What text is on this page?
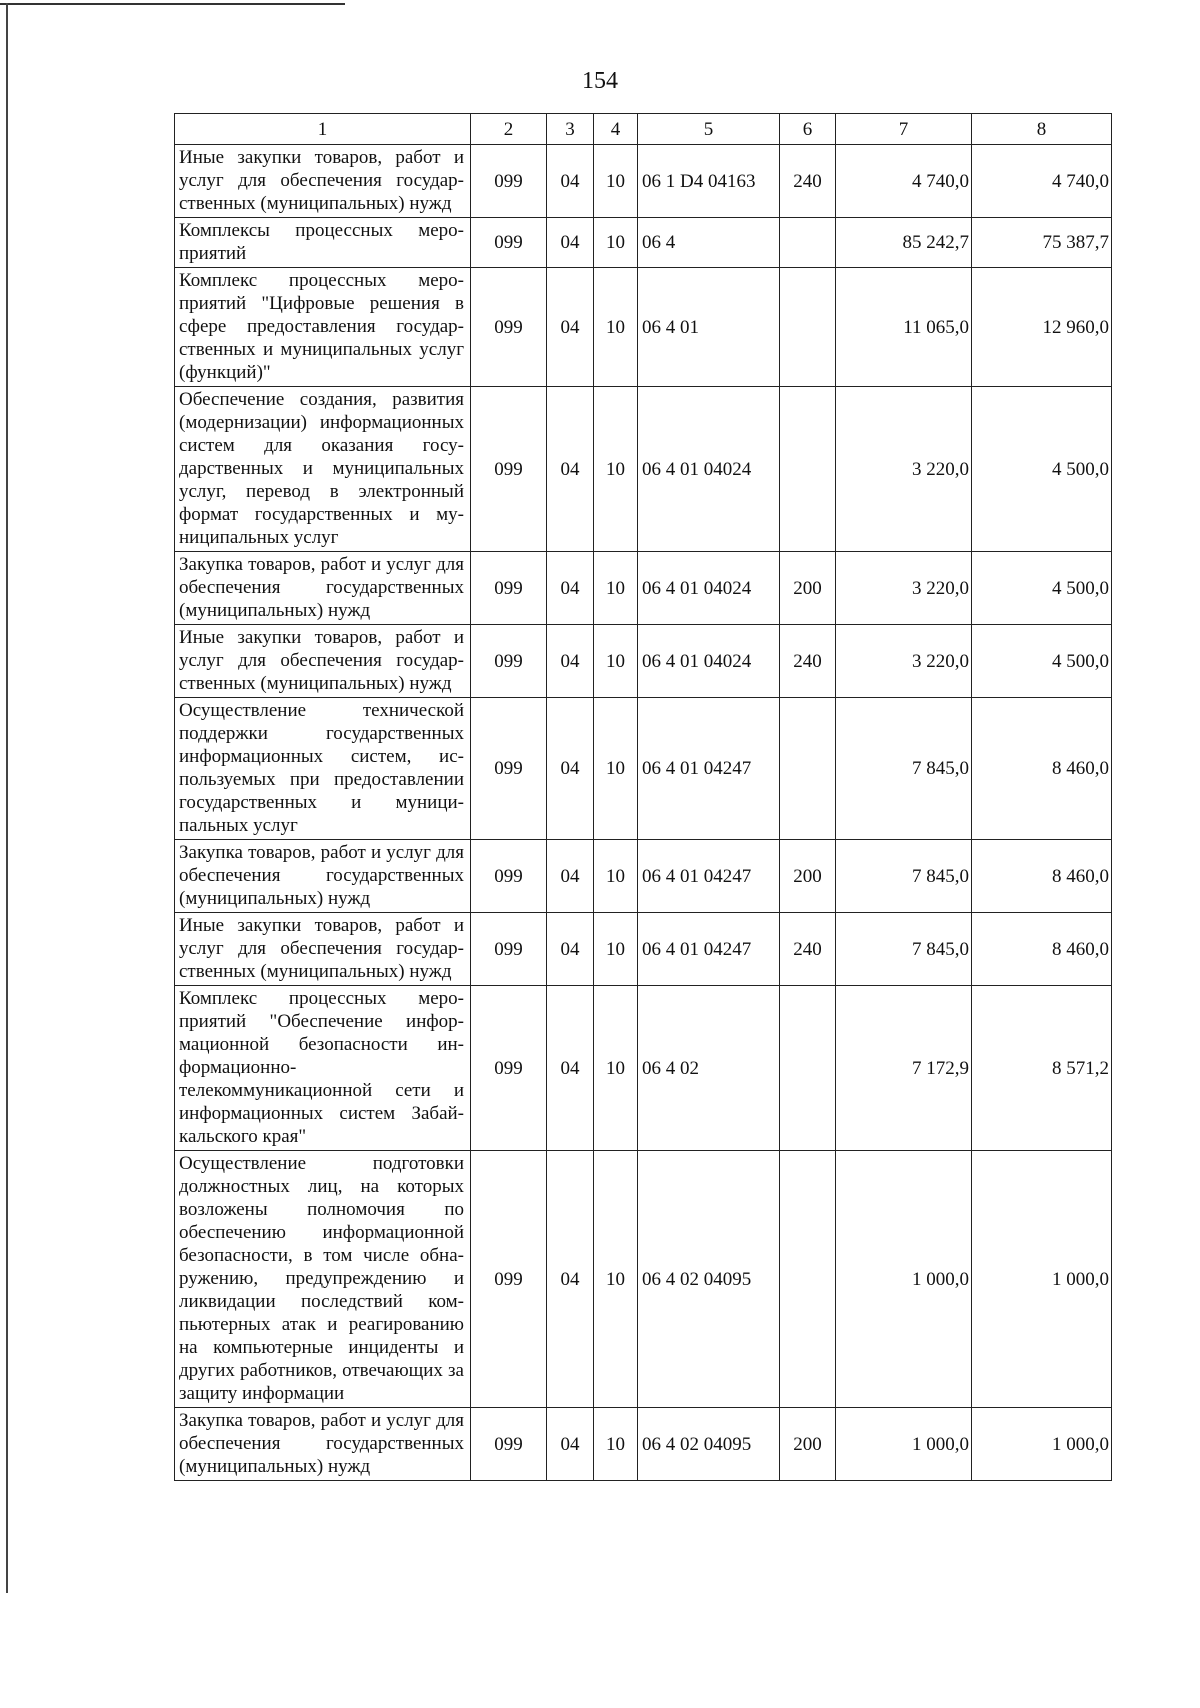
154
1	2	3	4	5	6	7	8
Иные закупки товаров, работ и услуг для обеспечения государственных (муниципальных) нужд	099	04	10	06 1 D4 04163	240	4 740,0	4 740,0
Комплексы процессных мероприятий	099	04	10	06 4		85 242,7	75 387,7
Комплекс процессных мероприятий "Цифровые решения в сфере предоставления государственных и муниципальных услуг (функций)"	099	04	10	06 4 01		11 065,0	12 960,0
Обеспечение создания, развития (модернизации) информационных систем для оказания государственных и муниципальных услуг, перевод в электронный формат государственных и муниципальных услуг	099	04	10	06 4 01 04024		3 220,0	4 500,0
Закупка товаров, работ и услуг для обеспечения государственных (муниципальных) нужд	099	04	10	06 4 01 04024	200	3 220,0	4 500,0
Иные закупки товаров, работ и услуг для обеспечения государственных (муниципальных) нужд	099	04	10	06 4 01 04024	240	3 220,0	4 500,0
Осуществление технической поддержки государственных информационных систем, используемых при предоставлении государственных и муниципальных услуг	099	04	10	06 4 01 04247		7 845,0	8 460,0
Закупка товаров, работ и услуг для обеспечения государственных (муниципальных) нужд	099	04	10	06 4 01 04247	200	7 845,0	8 460,0
Иные закупки товаров, работ и услуг для обеспечения государственных (муниципальных) нужд	099	04	10	06 4 01 04247	240	7 845,0	8 460,0
Комплекс процессных мероприятий "Обеспечение информационной безопасности информационно-телекоммуникационной сети и информационных систем Забайкальского края"	099	04	10	06 4 02		7 172,9	8 571,2
Осуществление подготовки должностных лиц, на которых возложены полномочия по обеспечению информационной безопасности, в том числе обнаружению, предупреждению и ликвидации последствий компьютерных атак и реагированию на компьютерные инциденты и других работников, отвечающих за защиту информации	099	04	10	06 4 02 04095		1 000,0	1 000,0
Закупка товаров, работ и услуг для обеспечения государственных (муниципальных) нужд	099	04	10	06 4 02 04095	200	1 000,0	1 000,0
